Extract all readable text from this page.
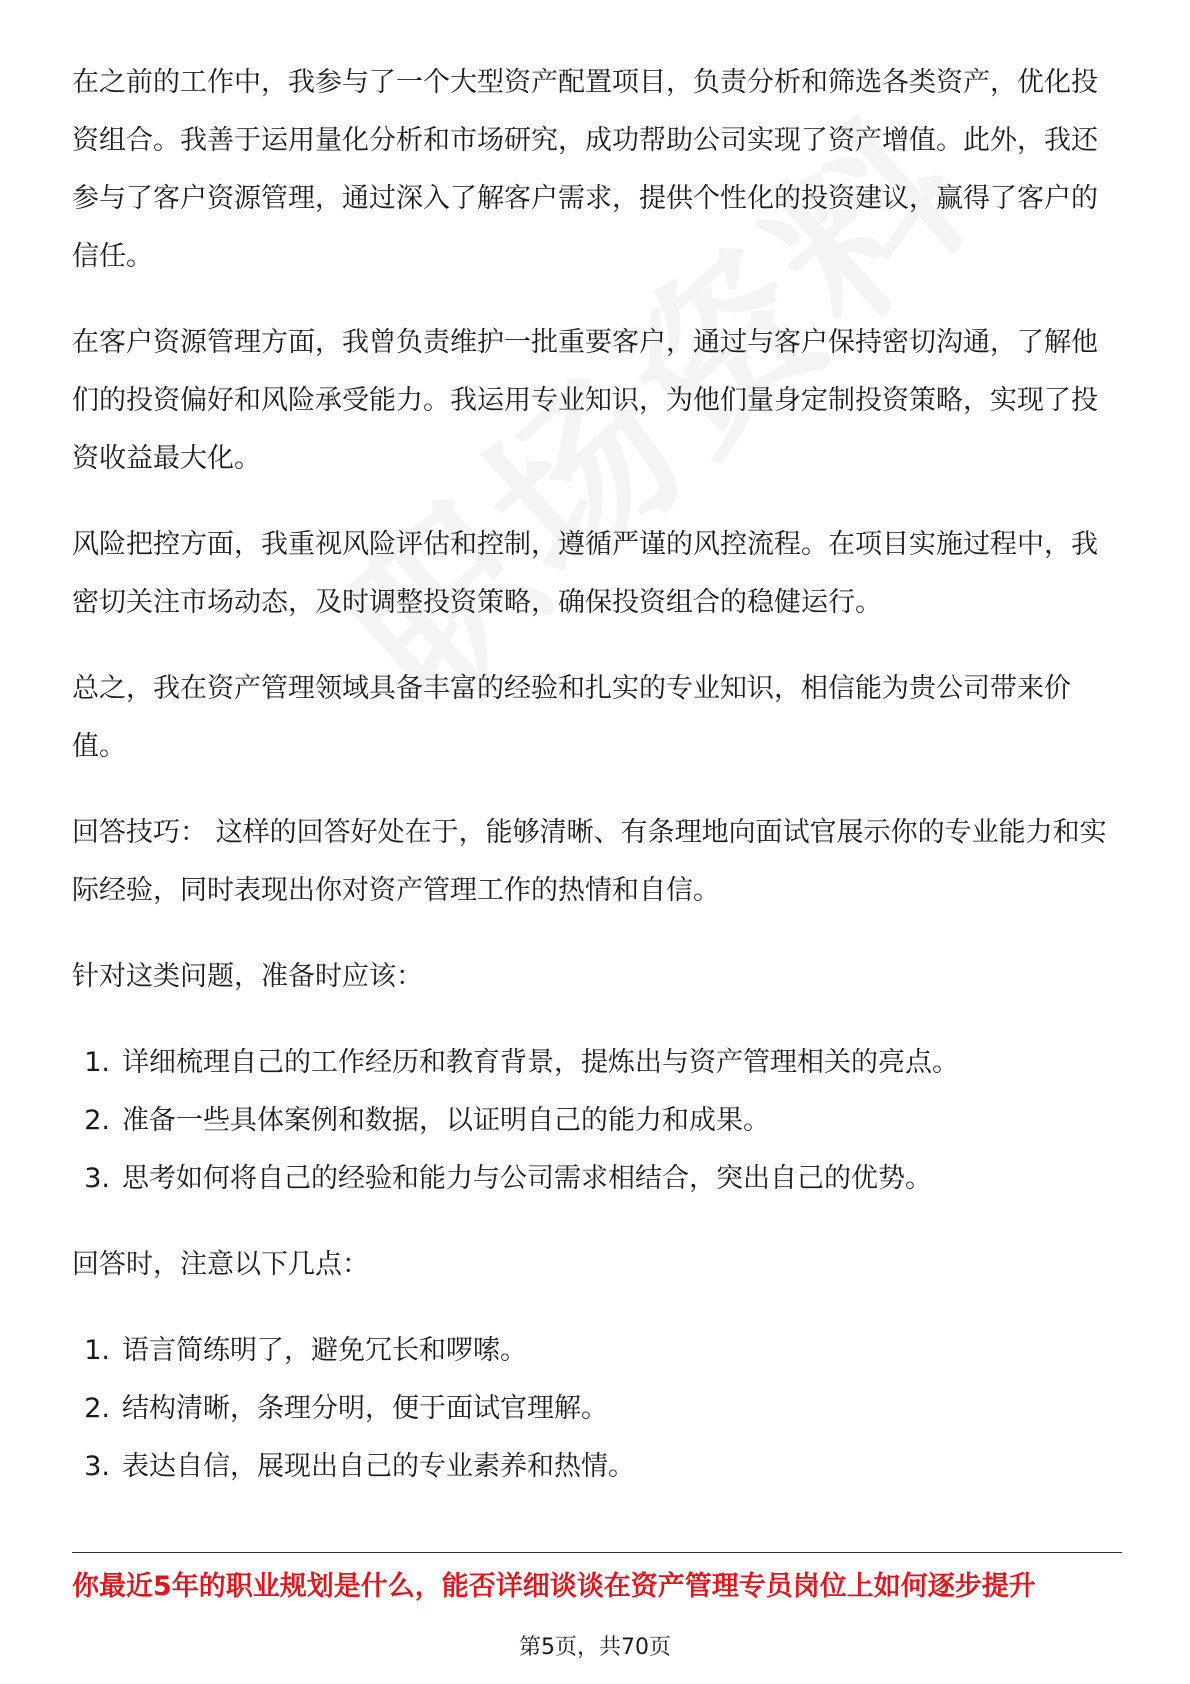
在之前的工作中，我参与了一个大型资产配置项目，负责分析和筛选各类资产，优化投资组合。我善于运用量化分析和市场研究，成功帮助公司实现了资产增值。此外，我还参与了客户资源管理，通过深入了解客户需求，提供个性化的投资建议，赢得了客户的信任。

在客户资源管理方面，我曾负责维护一批重要客户，通过与客户保持密切沟通，了解他们的投资偏好和风险承受能力。我运用专业知识，为他们量身定制投资策略，实现了投资收益最大化。

风险把控方面，我重视风险评估和控制，遵循严谨的风控流程。在项目实施过程中，我密切关注市场动态，及时调整投资策略，确保投资组合的稳健运行。

总之，我在资产管理领域具备丰富的经验和扎实的专业知识，相信能为贵公司带来价值。

回答技巧： 这样的回答好处在于，能够清晰、有条理地向面试官展示你的专业能力和实际经验，同时表现出你对资产管理工作的热情和自信。

针对这类问题，准备时应该：

1. 详细梳理自己的工作经历和教育背景，提炼出与资产管理相关的亮点。
2. 准备一些具体案例和数据，以证明自己的能力和成果。
3. 思考如何将自己的经验和能力与公司需求相结合，突出自己的优势。

回答时，注意以下几点：

1. 语言简练明了，避免冗长和啰嗦。
2. 结构清晰，条理分明，便于面试官理解。
3. 表达自信，展现出自己的专业素养和热情。
你最近5年的职业规划是什么，能否详细谈谈在资产管理专员岗位上如何逐步提升
第5页，共70页
